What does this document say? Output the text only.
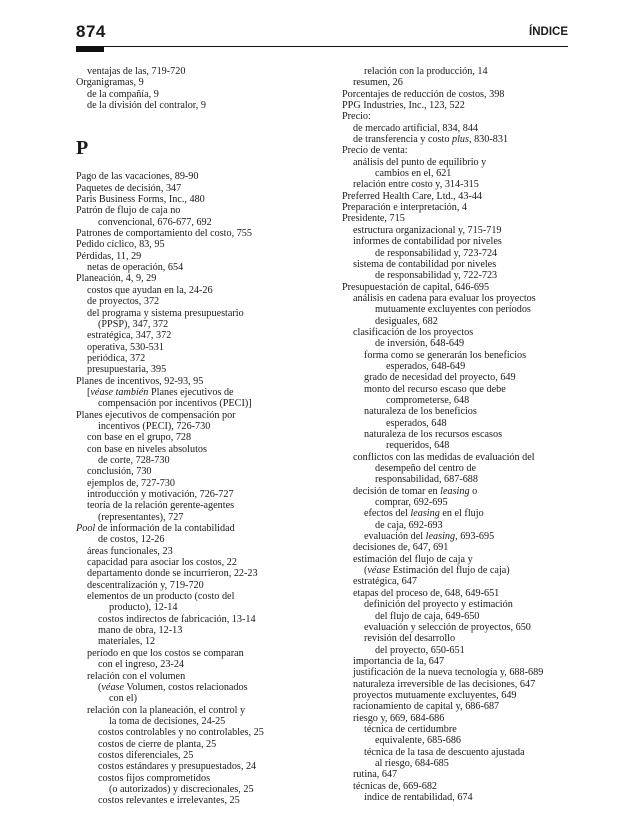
874	ÍNDICE
ventajas de las, 719-720
Organigramas, 9
de la compañía, 9
de la división del contralor, 9
P
Pago de las vacaciones, 89-90
Paquetes de decisión, 347
Paris Business Forms, Inc., 480
Patrón de flujo de caja no
convencional, 676-677, 692
Patrones de comportamiento del costo, 755
Pedido cíclico, 83, 95
Pérdidas, 11, 29
netas de operación, 654
Planeación, 4, 9, 29
costos que ayudan en la, 24-26
de proyectos, 372
del programa y sistema presupuestario
(PPSP), 347, 372
estratégica, 347, 372
operativa, 530-531
periódica, 372
presupuestaria, 395
Planes de incentivos, 92-93, 95
[véase también Planes ejecutivos de
compensación por incentivos (PECI)]
Planes ejecutivos de compensación por
incentivos (PECI), 726-730
con base en el grupo, 728
con base en niveles absolutos
de corte, 728-730
conclusión, 730
ejemplos de, 727-730
introducción y motivación, 726-727
teoría de la relación gerente-agentes
(representantes), 727
Pool de información de la contabilidad
de costos, 12-26
áreas funcionales, 23
capacidad para asociar los costos, 22
departamento donde se incurrieron, 22-23
descentralización y, 719-720
elementos de un producto (costo del
producto), 12-14
costos indirectos de fabricación, 13-14
mano de obra, 12-13
materiales, 12
período en que los costos se comparan
con el ingreso, 23-24
relación con el volumen
(véase Volumen, costos relacionados
con el)
relación con la planeación, el control y
la toma de decisiones, 24-25
costos controlables y no controlables, 25
costos de cierre de planta, 25
costos diferenciales, 25
costos estándares y presupuestados, 24
costos fijos comprometidos
(o autorizados) y discrecionales, 25
costos relevantes e irrelevantes, 25
relación con la producción, 14
resumen, 26
Porcentajes de reducción de costos, 398
PPG Industries, Inc., 123, 522
Precio:
de mercado artificial, 834, 844
de transferencia y costo plus, 830-831
Precio de venta:
análisis del punto de equilibrio y
cambios en el, 621
relación entre costo y, 314-315
Preferred Health Care, Ltd., 43-44
Preparación e interpretación, 4
Presidente, 715
estructura organizacional y, 715-719
informes de contabilidad por niveles
de responsabilidad y, 723-724
sistema de contabilidad por niveles
de responsabilidad y, 722-723
Presupuestación de capital, 646-695
análisis en cadena para evaluar los proyectos
mutuamente excluyentes con períodos
desiguales, 682
clasificación de los proyectos
de inversión, 648-649
forma como se generarán los beneficios
esperados, 648-649
grado de necesidad del proyecto, 649
monto del recurso escaso que debe
comprometerse, 648
naturaleza de los beneficios
esperados, 648
naturaleza de los recursos escasos
requeridos, 648
conflictos con las medidas de evaluación del
desempeño del centro de
responsabilidad, 687-688
decisión de tomar en leasing o
comprar, 692-695
efectos del leasing en el flujo
de caja, 692-693
evaluación del leasing, 693-695
decisiones de, 647, 691
estimación del flujo de caja y
(véase Estimación del flujo de caja)
estratégica, 647
etapas del proceso de, 648, 649-651
definición del proyecto y estimación
del flujo de caja, 649-650
evaluación y selección de proyectos, 650
revisión del desarrollo
del proyecto, 650-651
importancia de la, 647
justificación de la nueva tecnología y, 688-689
naturaleza irreversible de las decisiones, 647
proyectos mutuamente excluyentes, 649
racionamiento de capital y, 686-687
riesgo y, 669, 684-686
técnica de certidumbre
equivalente, 685-686
técnica de la tasa de descuento ajustada
al riesgo, 684-685
rutina, 647
técnicas de, 669-682
índice de rentabilidad, 674
